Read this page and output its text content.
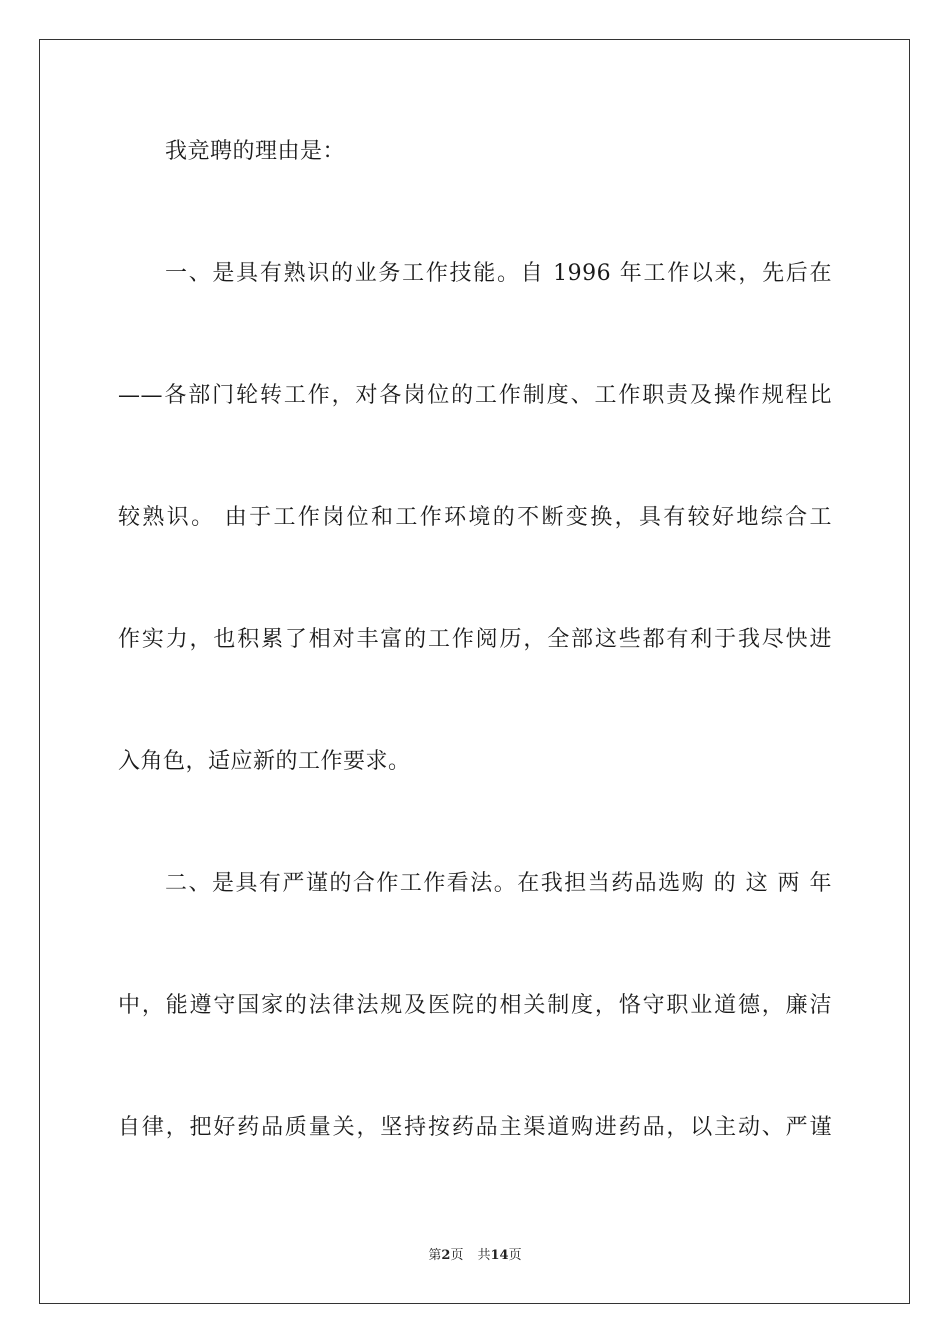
我竞聘的理由是：
一、是具有熟识的业务工作技能。自 1996 年工作以来，先后在
——各部门轮转工作，对各岗位的工作制度、工作职责及操作规程比
较熟识。 由于工作岗位和工作环境的不断变换，具有较好地综合工
作实力，也积累了相对丰富的工作阅历，全部这些都有利于我尽快进
入角色，适应新的工作要求。
二、是具有严谨的合作工作看法。在我担当药品选购 的 这 两 年
中，能遵守国家的法律法规及医院的相关制度，恪守职业道德，廉洁
自律，把好药品质量关，坚持按药品主渠道购进药品，以主动、严谨
第2页 共14页
